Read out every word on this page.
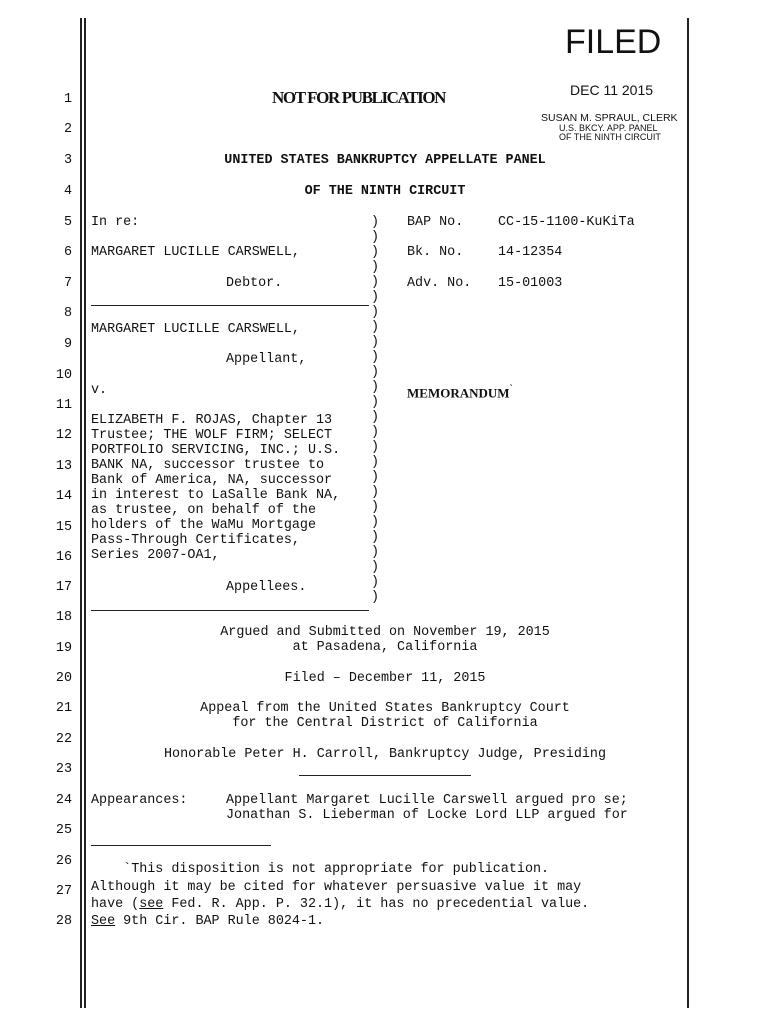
FILED
DEC 11 2015
SUSAN M. SPRAUL, CLERK
U.S. BKCY. APP. PANEL
OF THE NINTH CIRCUIT
1
2
3
4
5
6
7
8
9
10
11
12
13
14
15
16
17
18
19
20
21
22
23
24
25
26
27
28
NOT FOR PUBLICATION
UNITED STATES BANKRUPTCY APPELLATE PANEL
OF THE NINTH CIRCUIT
In re:
MARGARET LUCILLE CARSWELL,
Debtor.
MARGARET LUCILLE CARSWELL,
Appellant,
v.
ELIZABETH F. ROJAS, Chapter 13
Trustee; THE WOLF FIRM; SELECT
PORTFOLIO SERVICING, INC.; U.S.
BANK NA, successor trustee to
Bank of America, NA, successor
in interest to LaSalle Bank NA,
as trustee, on behalf of the
holders of the WaMu Mortgage
Pass-Through Certificates,
Series 2007-OA1,
Appellees.
)
)
)
)
)
)
)
)
)
)
)
)
)
)
)
)
)
)
)
)
)
)
)
)
)
)
BAP No.	CC-15-1100-KuKiTa
Bk. No.	14-12354
Adv. No. 15-01003
MEMORANDUM`
Argued and Submitted on November 19, 2015
at Pasadena, California
Filed – December 11, 2015
Appeal from the United States Bankruptcy Court
for the Central District of California
Honorable Peter H. Carroll, Bankruptcy Judge, Presiding
Appearances:	Appellant Margaret Lucille Carswell argued pro se;
Jonathan S. Lieberman of Locke Lord LLP argued for
`This disposition is not appropriate for publication.
Although it may be cited for whatever persuasive value it may
have (see Fed. R. App. P. 32.1), it has no precedential value.
See 9th Cir. BAP Rule 8024-1.
